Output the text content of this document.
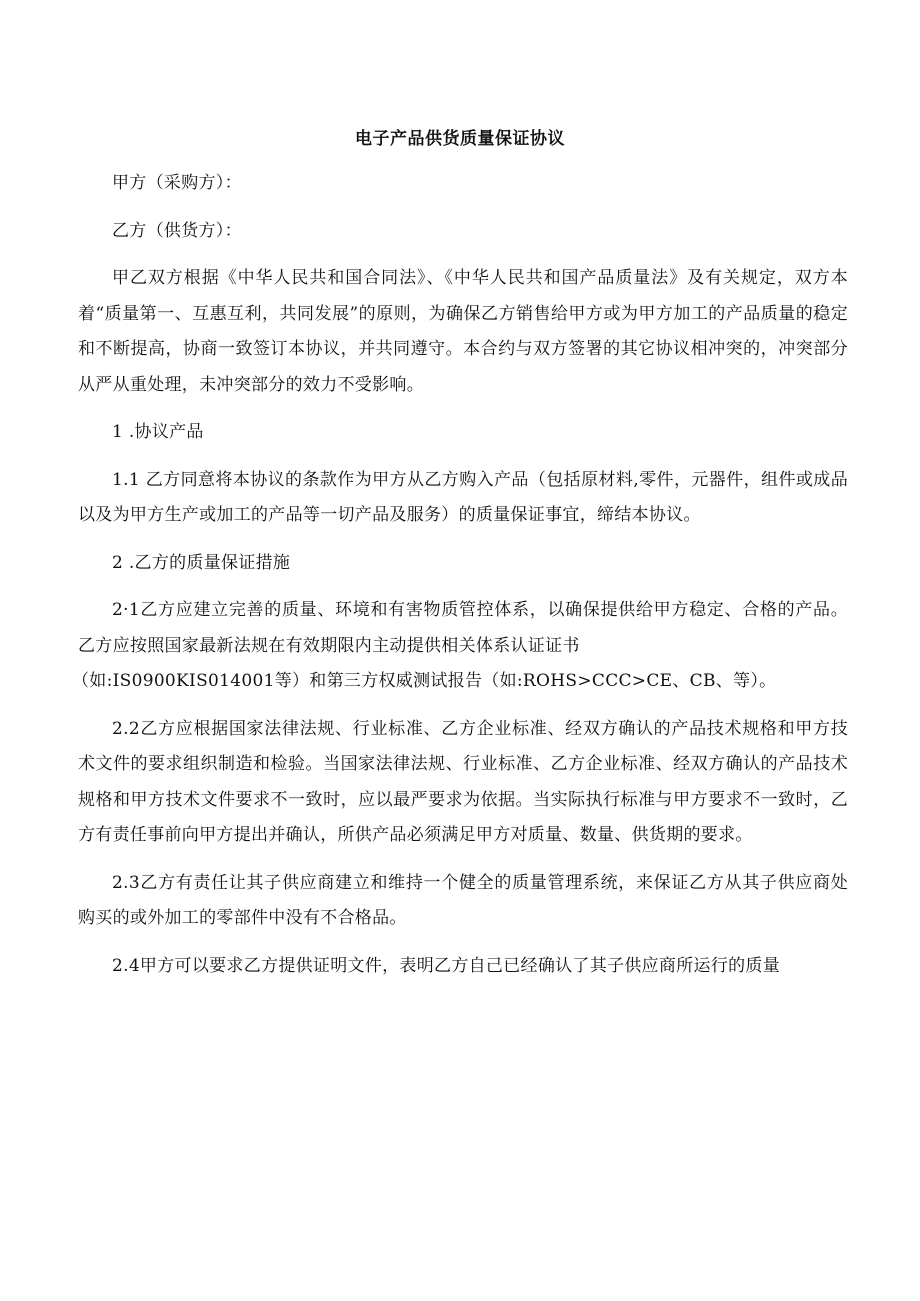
电子产品供货质量保证协议

甲方（采购方）：

乙方（供货方）：

甲乙双方根据《中华人民共和国合同法》、《中华人民共和国产品质量法》及有关规定，双方本着“质量第一、互惠互利，共同发展”的原则，为确保乙方销售给甲方或为甲方加工的产品质量的稳定和不断提高，协商一致签订本协议，并共同遵守。本合约与双方签署的其它协议相冲突的，冲突部分从严从重处理，未冲突部分的效力不受影响。

1 .协议产品

1.1 乙方同意将本协议的条款作为甲方从乙方购入产品（包括原材料,零件，元器件，组件或成品以及为甲方生产或加工的产品等一切产品及服务）的质量保证事宜，缔结本协议。

2 .乙方的质量保证措施

2·1乙方应建立完善的质量、环境和有害物质管控体系，以确保提供给甲方稳定、合格的产品。乙方应按照国家最新法规在有效期限内主动提供相关体系认证证书

（如:IS0900KIS014001等）和第三方权威测试报告（如:ROHS>CCC>CE、CB、等）。

2.2乙方应根据国家法律法规、行业标准、乙方企业标准、经双方确认的产品技术规格和甲方技术文件的要求组织制造和检验。当国家法律法规、行业标准、乙方企业标准、经双方确认的产品技术规格和甲方技术文件要求不一致时，应以最严要求为依据。当实际执行标准与甲方要求不一致时，乙方有责任事前向甲方提出并确认，所供产品必须满足甲方对质量、数量、供货期的要求。

2.3乙方有责任让其子供应商建立和维持一个健全的质量管理系统，来保证乙方从其子供应商处购买的或外加工的零部件中没有不合格品。

2.4甲方可以要求乙方提供证明文件，表明乙方自己已经确认了其子供应商所运行的质量
